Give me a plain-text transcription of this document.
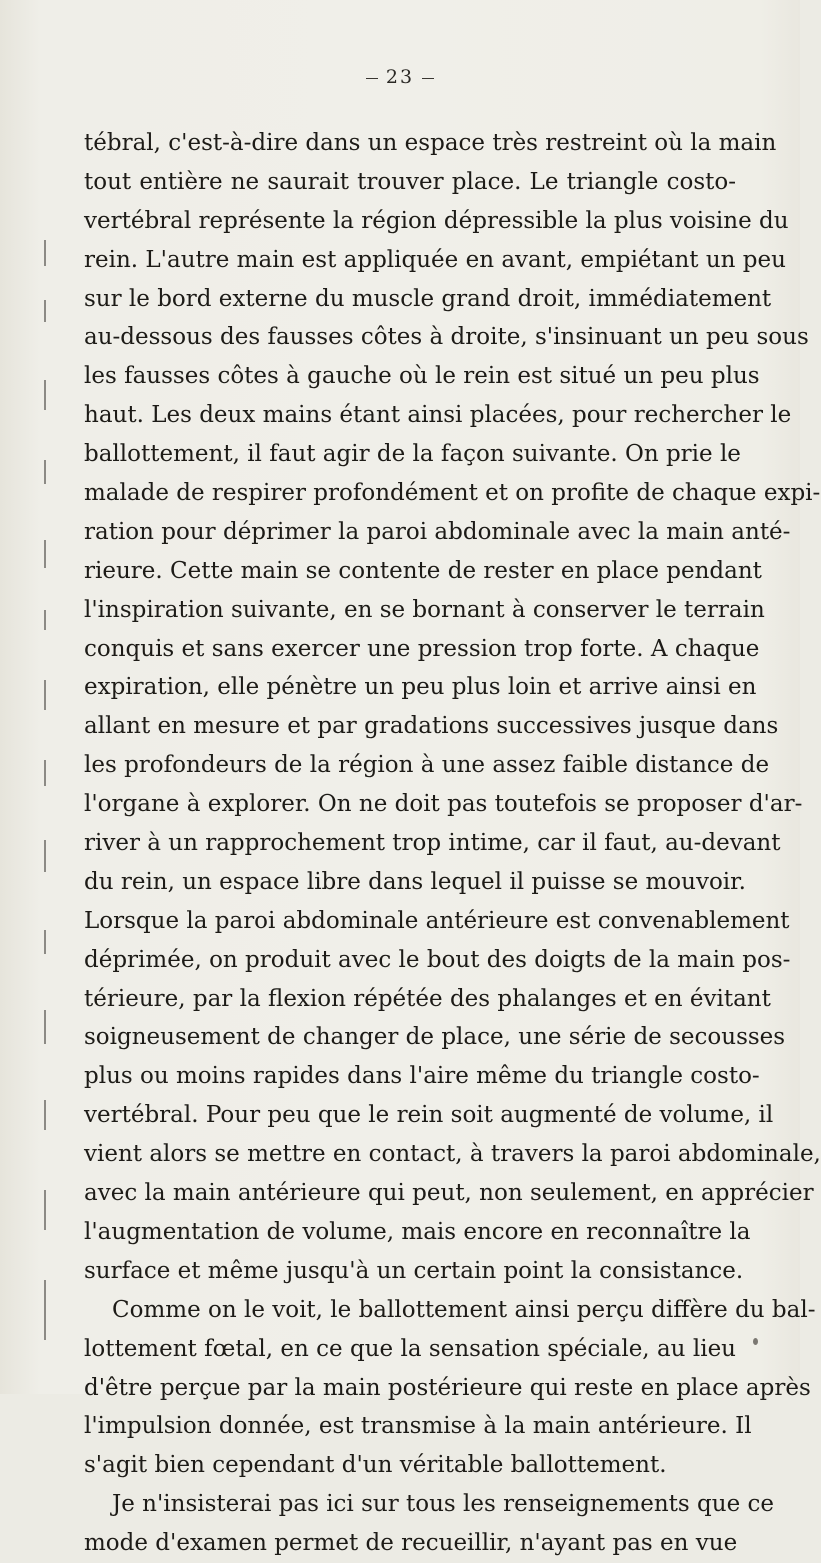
23
tébral, c'est-à-dire dans un espace très restreint où la main
tout entière ne saurait trouver place. Le triangle costo-
vertébral représente la région dépressible la plus voisine du
rein. L'autre main est appliquée en avant, empiétant un peu
sur le bord externe du muscle grand droit, immédiatement
au-dessous des fausses côtes à droite, s'insinuant un peu sous
les fausses côtes à gauche où le rein est situé un peu plus
haut. Les deux mains étant ainsi placées, pour rechercher le
ballottement, il faut agir de la façon suivante. On prie le
malade de respirer profondément et on profite de chaque expi-
ration pour déprimer la paroi abdominale avec la main anté-
rieure. Cette main se contente de rester en place pendant
l'inspiration suivante, en se bornant à conserver le terrain
conquis et sans exercer une pression trop forte. A chaque
expiration, elle pénètre un peu plus loin et arrive ainsi en
allant en mesure et par gradations successives jusque dans
les profondeurs de la région à une assez faible distance de
l'organe à explorer. On ne doit pas toutefois se proposer d'ar-
river à un rapprochement trop intime, car il faut, au-devant
du rein, un espace libre dans lequel il puisse se mouvoir.
Lorsque la paroi abdominale antérieure est convenablement
déprimée, on produit avec le bout des doigts de la main pos-
térieure, par la flexion répétée des phalanges et en évitant
soigneusement de changer de place, une série de secousses
plus ou moins rapides dans l'aire même du triangle costo-
vertébral. Pour peu que le rein soit augmenté de volume, il
vient alors se mettre en contact, à travers la paroi abdominale,
avec la main antérieure qui peut, non seulement, en apprécier
l'augmentation de volume, mais encore en reconnaître la
surface et même jusqu'à un certain point la consistance.
Comme on le voit, le ballottement ainsi perçu diffère du bal-
lottement fœtal, en ce que la sensation spéciale, au lieu
d'être perçue par la main postérieure qui reste en place après
l'impulsion donnée, est transmise à la main antérieure. Il
s'agit bien cependant d'un véritable ballottement.
Je n'insisterai pas ici sur tous les renseignements que ce
mode d'examen permet de recueillir, n'ayant pas en vue
